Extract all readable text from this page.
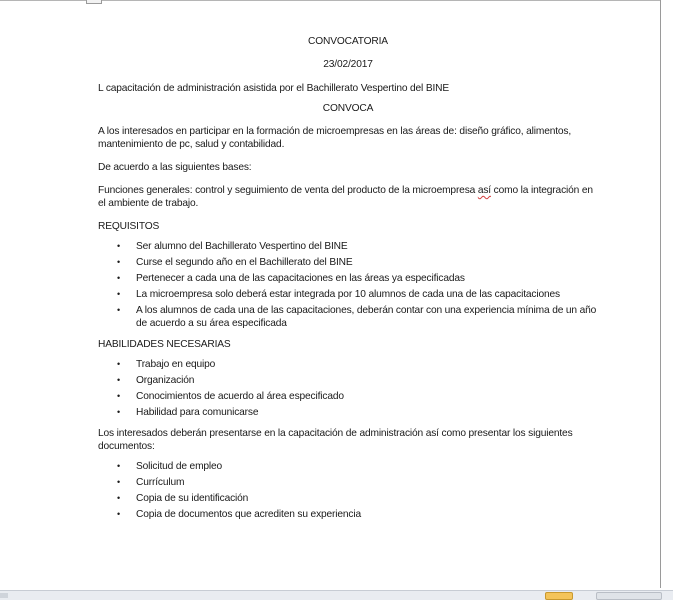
CONVOCATORIA

23/02/2017

L capacitación de administración asistida por el Bachillerato Vespertino del BINE

CONVOCA

A los interesados en participar en la formación de microempresas en las áreas de: diseño gráfico, alimentos, mantenimiento de pc, salud y contabilidad.

De acuerdo a las siguientes bases:

Funciones generales: control y seguimiento de venta del producto de la microempresa así como la integración en el ambiente de trabajo.

REQUISITOS

• Ser alumno del Bachillerato Vespertino del BINE
• Curse el segundo año en el Bachillerato del BINE
• Pertenecer a cada una de las capacitaciones en las áreas ya especificadas
• La microempresa solo deberá estar integrada por 10 alumnos de cada una de las capacitaciones
• A los alumnos de cada una de las capacitaciones, deberán contar con una experiencia mínima de un año de acuerdo a su área especificada

HABILIDADES NECESARIAS

• Trabajo en equipo
• Organización
• Conocimientos de acuerdo al área especificado
• Habilidad para comunicarse

Los interesados deberán presentarse en la capacitación de administración así como presentar los siguientes documentos:

• Solicitud de empleo
• Currículum
• Copia de su identificación
• Copia de documentos que acrediten su experiencia
